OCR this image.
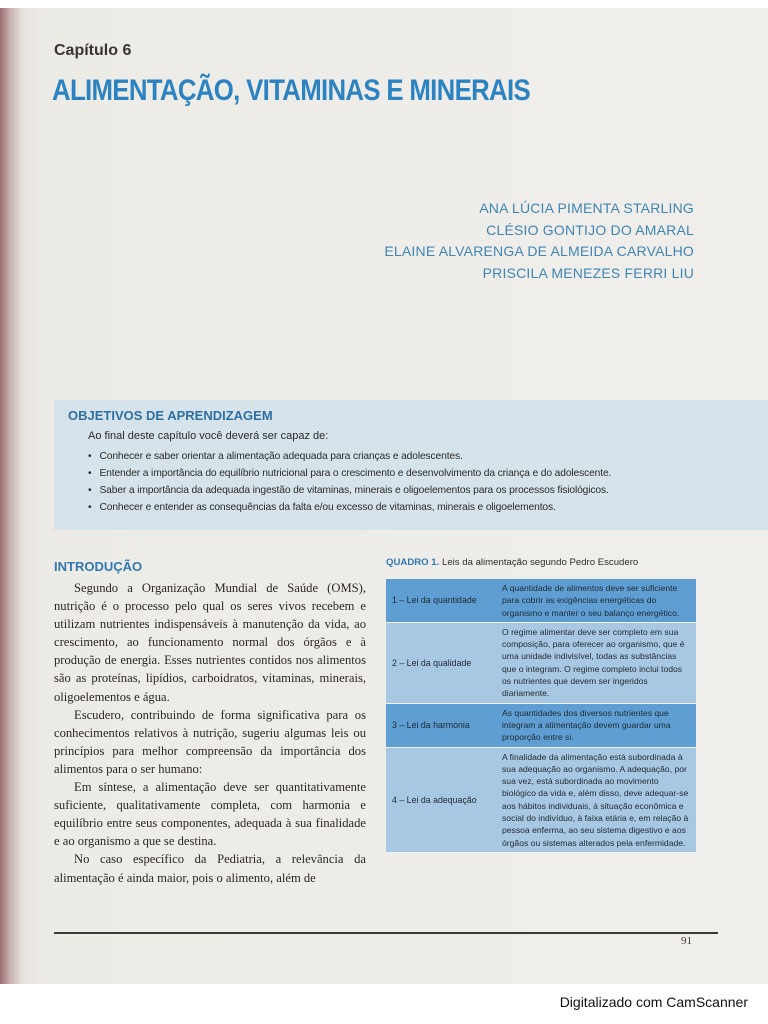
Capítulo 6
ALIMENTAÇÃO, VITAMINAS E MINERAIS
ANA LÚCIA PIMENTA STARLING
CLÉSIO GONTIJO DO AMARAL
ELAINE ALVARENGA DE ALMEIDA CARVALHO
PRISCILA MENEZES FERRI LIU
OBJETIVOS DE APRENDIZAGEM
Ao final deste capítulo você deverá ser capaz de:
• Conhecer e saber orientar a alimentação adequada para crianças e adolescentes.
• Entender a importância do equilíbrio nutricional para o crescimento e desenvolvimento da criança e do adolescente.
• Saber a importância da adequada ingestão de vitaminas, minerais e oligoelementos para os processos fisiológicos.
• Conhecer e entender as consequências da falta e/ou excesso de vitaminas, minerais e oligoelementos.
INTRODUÇÃO

Segundo a Organização Mundial de Saúde (OMS), nutrição é o processo pelo qual os seres vivos recebem e utilizam nutrientes indispensáveis à manutenção da vida, ao crescimento, ao funcionamento normal dos órgãos e à produção de energia. Esses nutrientes contidos nos alimentos são as proteínas, lipídios, carboidratos, vitaminas, minerais, oligoelementos e água.

Escudero, contribuindo de forma significativa para os conhecimentos relativos à nutrição, sugeriu algumas leis ou princípios para melhor compreensão da importância dos alimentos para o ser humano:

Em síntese, a alimentação deve ser quantitativamente suficiente, qualitativamente completa, com harmonia e equilíbrio entre seus componentes, adequada à sua finalidade e ao organismo a que se destina.

No caso específico da Pediatria, a relevância da alimentação é ainda maior, pois o alimento, além de

QUADRO 1. Leis da alimentação segundo Pedro Escudero
1 – Lei da quantidade	A quantidade de alimentos deve ser suficiente para cobrir as exigências energéticas do organismo e manter o seu balanço energético.
2 – Lei da qualidade	O regime alimentar deve ser completo em sua composição, para oferecer ao organismo, que é uma unidade indivisível, todas as substâncias que o integram. O regime completo inclui todos os nutrientes que devem ser ingeridos diariamente.
3 – Lei da harmonia	As quantidades dos diversos nutrientes que integram a alimentação devem guardar uma proporção entre si.
4 – Lei da adequação	A finalidade da alimentação está subordinada à sua adequação ao organismo. A adequação, por sua vez, está subordinada ao movimento biológico da vida e, além disso, deve adequar-se aos hábitos individuais, à situação econômica e social do indivíduo, à faixa etária e, em relação à pessoa enferma, ao seu sistema digestivo e aos órgãos ou sistemas alterados pela enfermidade.
91
Digitalizado com CamScanner
